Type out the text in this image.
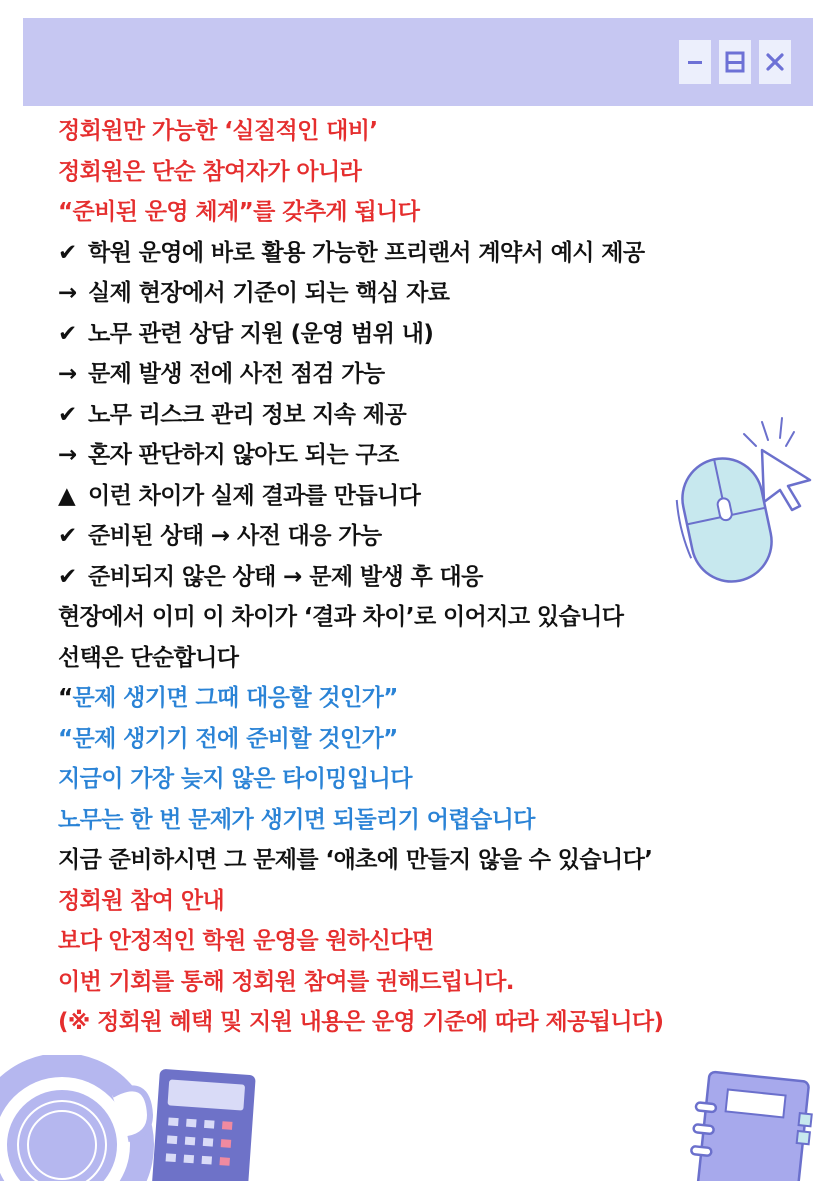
정회원만 가능한 ‘실질적인 대비’
정회원은 단순 참여자가 아니라
“준비된 운영 체계”를 갖추게 됩니다
✔ 학원 운영에 바로 활용 가능한 프리랜서 계약서 예시 제공
→ 실제 현장에서 기준이 되는 핵심 자료
✔ 노무 관련 상담 지원 (운영 범위 내)
→ 문제 발생 전에 사전 점검 가능
✔ 노무 리스크 관리 정보 지속 제공
→ 혼자 판단하지 않아도 되는 구조
▲ 이런 차이가 실제 결과를 만듭니다
✔ 준비된 상태 → 사전 대응 가능
✔ 준비되지 않은 상태 → 문제 발생 후 대응
현장에서 이미 이 차이가 ‘결과 차이’로 이어지고 있습니다
선택은 단순합니다
“문제 생기면 그때 대응할 것인가”
“문제 생기기 전에 준비할 것인가”
지금이 가장 늦지 않은 타이밍입니다
노무는 한 번 문제가 생기면 되돌리기 어렵습니다
지금 준비하시면 그 문제를 ‘애초에 만들지 않을 수 있습니다’
정회원 참여 안내
보다 안정적인 학원 운영을 원하신다면
이번 기회를 통해 정회원 참여를 권해드립니다.
(※ 정회원 혜택 및 지원 내용은 운영 기준에 따라 제공됩니다)
